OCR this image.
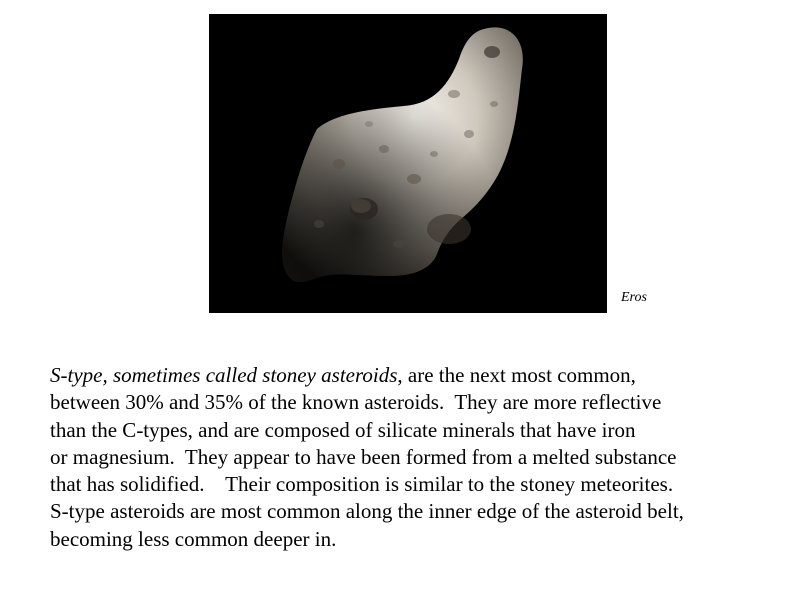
Eros
S-type, sometimes called stoney asteroids, are the next most common,
between 30% and 35% of the known asteroids.  They are more reflective
than the C-types, and are composed of silicate minerals that have iron
or magnesium.  They appear to have been formed from a melted substance
that has solidified.    Their composition is similar to the stoney meteorites.
S-type asteroids are most common along the inner edge of the asteroid belt,
becoming less common deeper in.
